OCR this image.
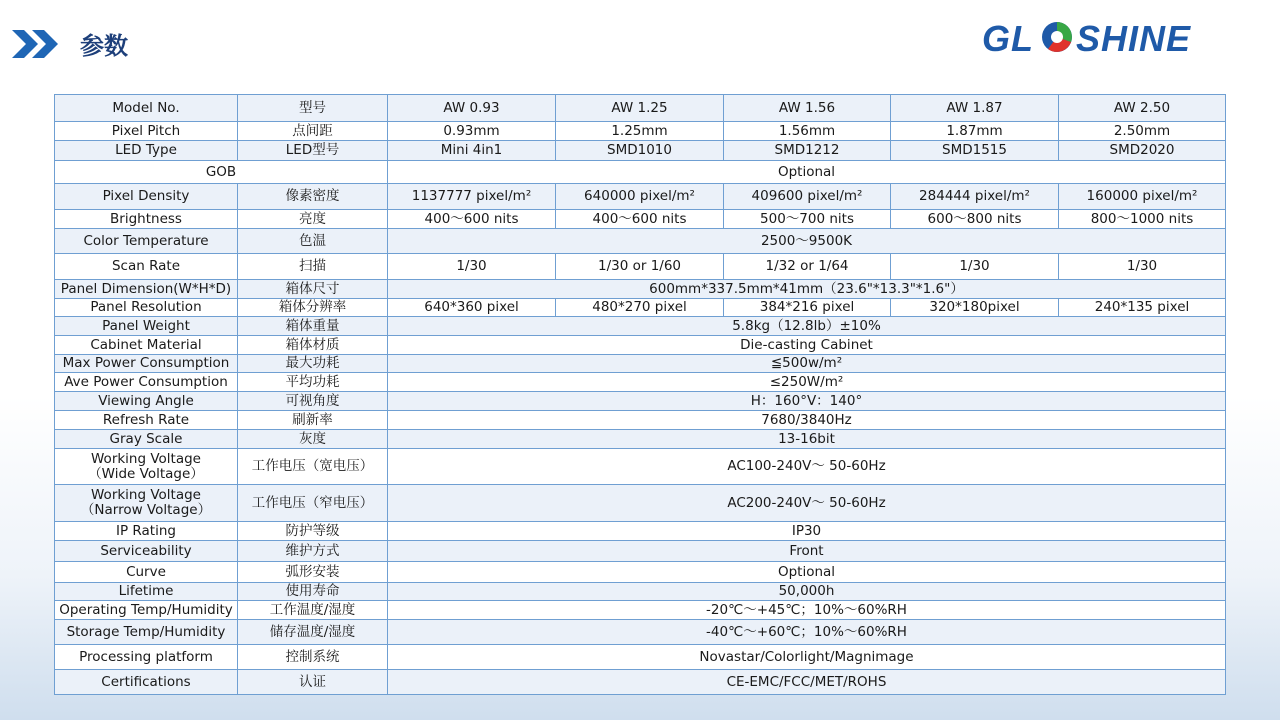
参数	GL SHINE
Model No.	型号	AW 0.93	AW 1.25	AW 1.56	AW 1.87	AW 2.50
Pixel Pitch	点间距	0.93mm	1.25mm	1.56mm	1.87mm	2.50mm
LED Type	LED型号	Mini 4in1	SMD1010	SMD1212	SMD1515	SMD2020
GOB		Optional				
Pixel Density	像素密度	1137777 pixel/m²	640000 pixel/m²	409600 pixel/m²	284444 pixel/m²	160000 pixel/m²
Brightness	亮度	400～600 nits	400～600 nits	500～700 nits	600～800 nits	800～1000 nits
Color Temperature	色温	2500～9500K				
Scan Rate	扫描	1/30	1/30 or 1/60	1/32 or 1/64	1/30	1/30
Panel Dimension(W*H*D)	箱体尺寸	600mm*337.5mm*41mm（23.6"*13.3"*1.6"）				
Panel Resolution	箱体分辨率	640*360 pixel	480*270 pixel	384*216 pixel	320*180pixel	240*135 pixel
Panel Weight	箱体重量	5.8kg（12.8lb）±10%				
Cabinet Material	箱体材质	Die-casting Cabinet				
Max Power Consumption	最大功耗	≦500w/m²				
Ave Power Consumption	平均功耗	≤250W/m²				
Viewing Angle	可视角度	H：160°V：140°				
Refresh Rate	刷新率	7680/3840Hz				
Gray Scale	灰度	13-16bit				
Working Voltage
（Wide Voltage）	工作电压（宽电压）	AC100-240V～ 50-60Hz				
Working Voltage
（Narrow Voltage）	工作电压（窄电压）	AC200-240V～ 50-60Hz				
IP Rating	防护等级	IP30				
Serviceability	维护方式	Front				
Curve	弧形安装	Optional				
Lifetime	使用寿命	50,000h				
Operating Temp/Humidity	工作温度/湿度	-20℃～+45℃；10%～60%RH				
Storage Temp/Humidity	储存温度/湿度	-40℃～+60℃；10%～60%RH				
Processing platform	控制系统	Novastar/Colorlight/Magnimage				
Certifications	认证	CE-EMC/FCC/MET/ROHS				
